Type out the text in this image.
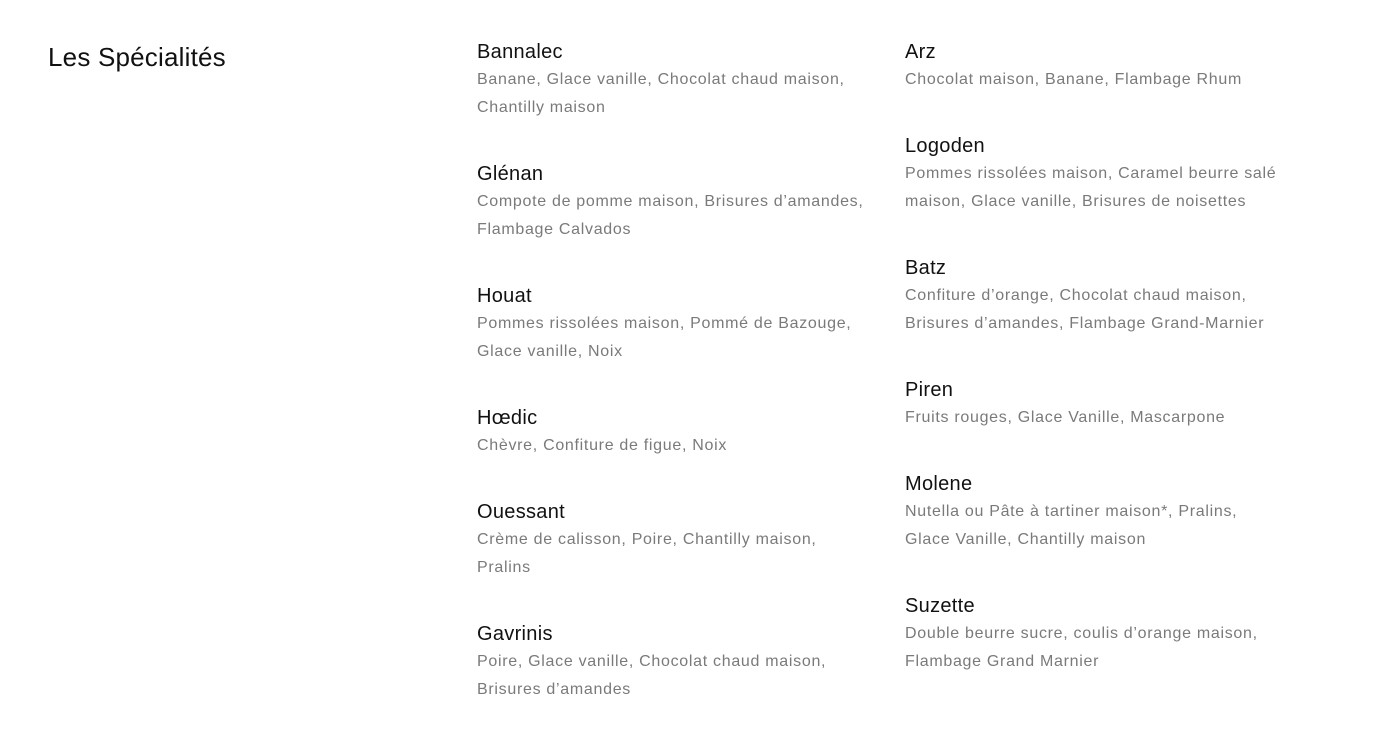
Les Spécialités	Bannalec
Banane, Glace vanille, Chocolat chaud maison, Chantilly maison
Glénan
Compote de pomme maison, Brisures d’amandes, Flambage Calvados
Houat
Pommes rissolées maison, Pommé de Bazouge, Glace vanille, Noix
Hœdic
Chèvre, Confiture de figue, Noix
Ouessant
Crème de calisson, Poire, Chantilly maison, Pralins
Gavrinis
Poire, Glace vanille, Chocolat chaud maison, Brisures d’amandes
Arz
Chocolat maison, Banane, Flambage Rhum
Logoden
Pommes rissolées maison, Caramel beurre salé maison, Glace vanille, Brisures de noisettes
Batz
Confiture d’orange, Chocolat chaud maison, Brisures d’amandes, Flambage Grand-Marnier
Piren
Fruits rouges, Glace Vanille, Mascarpone
Molene
Nutella ou Pâte à tartiner maison*, Pralins, Glace Vanille, Chantilly maison
Suzette
Double beurre sucre, coulis d’orange maison, Flambage Grand Marnier
